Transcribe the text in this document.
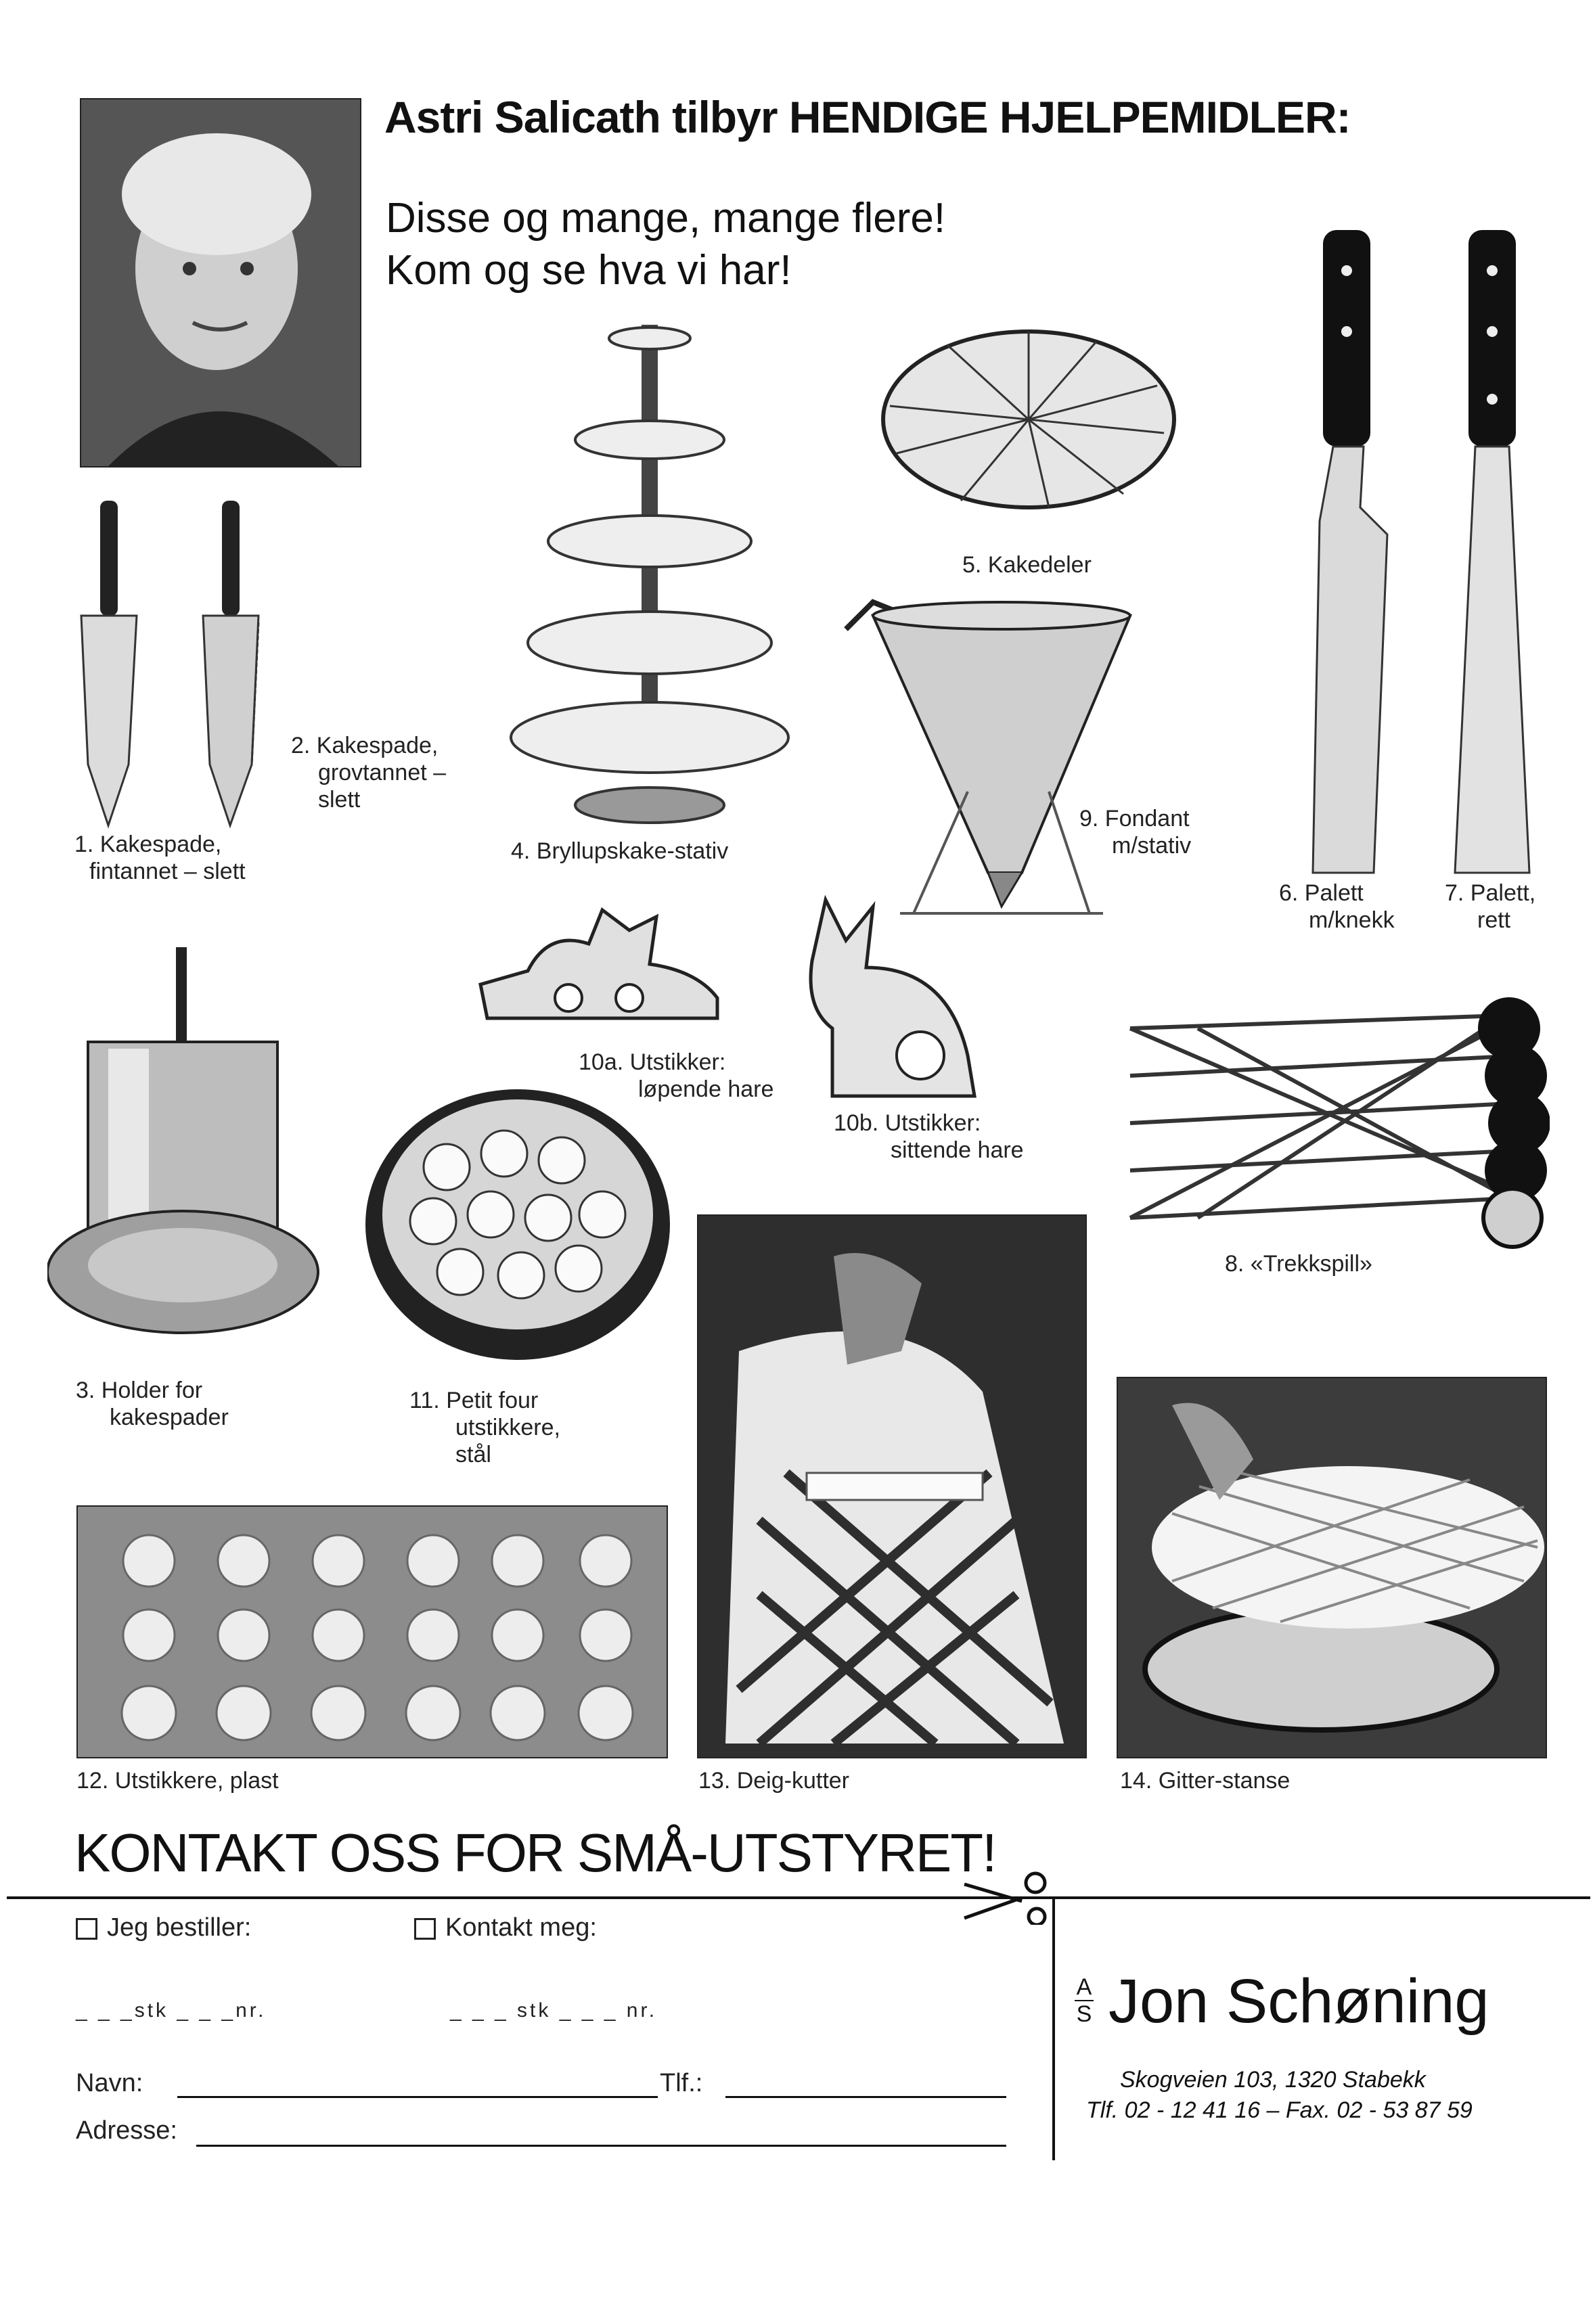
Astri Salicath tilbyr HENDIGE HJELPEMIDLER:
Disse og mange, mange flere!
Kom og se hva vi har!
1. Kakespade,
fintannet – slett
2. Kakespade,
grovtannet –
slett
4. Bryllupskake-stativ
5. Kakedeler
6. Palett
m/knekk
7. Palett,
rett
9. Fondant
m/stativ
10a. Utstikker:
løpende hare
10b. Utstikker:
sittende hare
3. Holder for
kakespader
11. Petit four
utstikkere,
stål
8. «Trekkspill»
12. Utstikkere, plast	13. Deig-kutter	14. Gitter-stanse
KONTAKT OSS FOR SMÅ-UTSTYRET!
Jeg bestiller:	Kontakt meg:
_ _ _stk _ _ _nr.	_ _ _ stk _ _ _ nr.
Navn:	Tlf.:
Adresse:
A
S Jon Schøning
Skogveien 103, 1320 Stabekk
Tlf. 02 - 12 41 16 – Fax. 02 - 53 87 59
